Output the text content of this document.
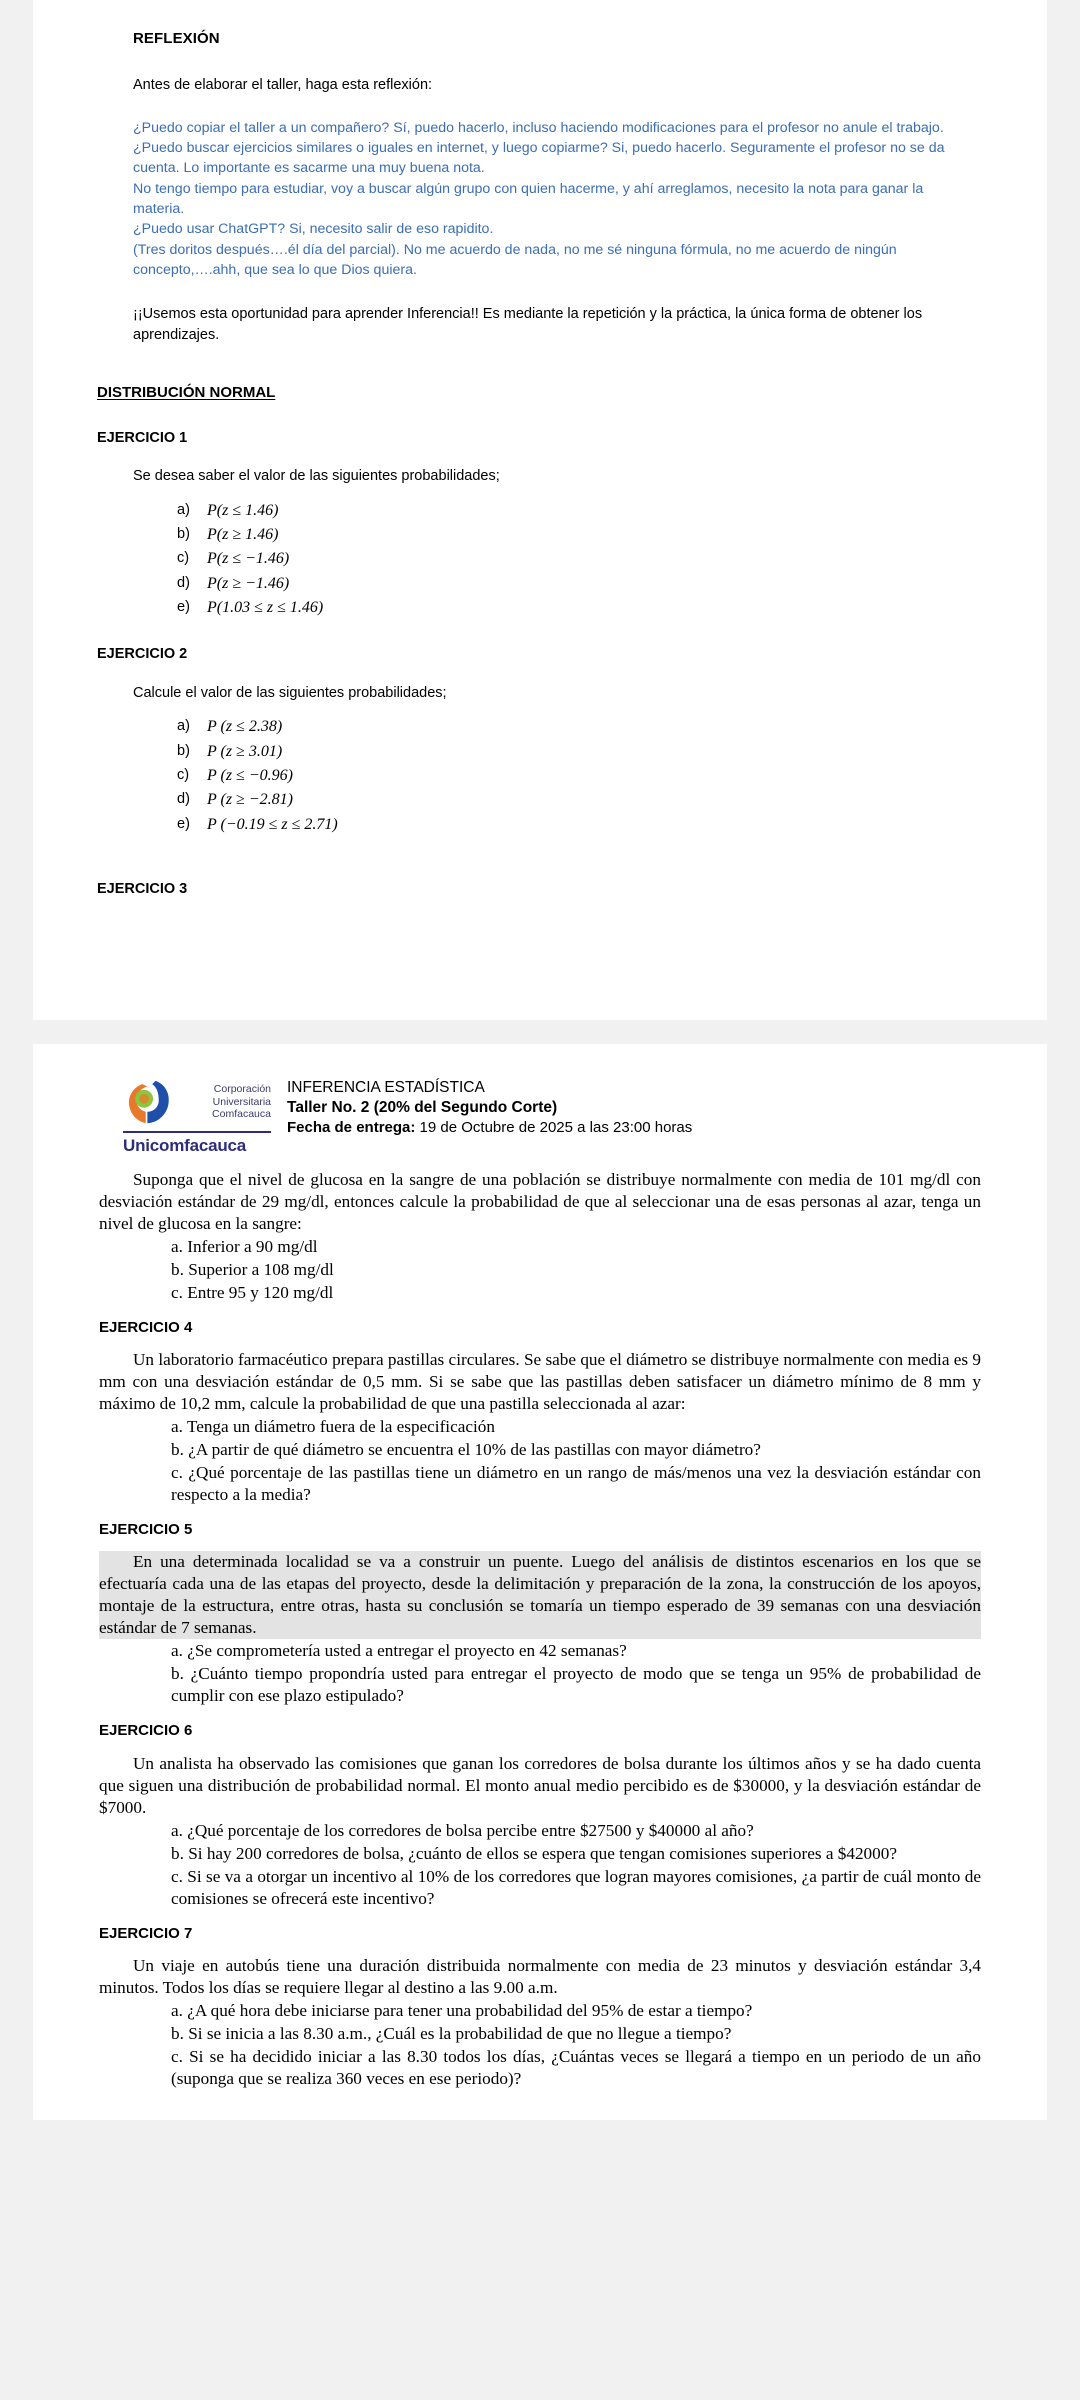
REFLEXIÓN

Antes de elaborar el taller, haga esta reflexión:

¿Puedo copiar el taller a un compañero? Sí, puedo hacerlo, incluso haciendo modificaciones para el profesor no anule el trabajo.

¿Puedo buscar ejercicios similares o iguales en internet, y luego copiarme? Si, puedo hacerlo. Seguramente el profesor no se da cuenta. Lo importante es sacarme una muy buena nota.

No tengo tiempo para estudiar, voy a buscar algún grupo con quien hacerme, y ahí arreglamos, necesito la nota para ganar la materia.

¿Puedo usar ChatGPT? Si, necesito salir de eso rapidito.

(Tres doritos después….él día del parcial). No me acuerdo de nada, no me sé ninguna fórmula, no me acuerdo de ningún concepto,….ahh, que sea lo que Dios quiera.

¡¡Usemos esta oportunidad para aprender Inferencia!! Es mediante la repetición y la práctica, la única forma de obtener los aprendizajes.

DISTRIBUCIÓN NORMAL
EJERCICIO 1

Se desea saber el valor de las siguientes probabilidades;

a)	P(z ≤ 1.46)
b)	P(z ≥ 1.46)
c)	P(z ≤ −1.46)
d)	P(z ≥ −1.46)
e)	P(1.03 ≤ z ≤ 1.46)
EJERCICIO 2

Calcule el valor de las siguientes probabilidades;

a)	P (z ≤ 2.38)
b)	P (z ≥ 3.01)
c)	P (z ≤ −0.96)
d)	P (z ≥ −2.81)
e)	P (−0.19 ≤ z ≤ 2.71)
EJERCICIO 3
Corporación
Universitaria
Comfacauca
Unicomfacauca
INFERENCIA ESTADÍSTICA
Taller No. 2 (20% del Segundo Corte)
Fecha de entrega: 19 de Octubre de 2025 a las 23:00 horas

Suponga que el nivel de glucosa en la sangre de una población se distribuye normalmente con media de 101 mg/dl con desviación estándar de 29 mg/dl, entonces calcule la probabilidad de que al seleccionar una de esas personas al azar, tenga un nivel de glucosa en la sangre:

a. Inferior a 90 mg/dl
b. Superior a 108 mg/dl
c. Entre 95 y 120 mg/dl
EJERCICIO 4

Un laboratorio farmacéutico prepara pastillas circulares. Se sabe que el diámetro se distribuye normalmente con media es 9 mm con una desviación estándar de 0,5 mm. Si se sabe que las pastillas deben satisfacer un diámetro mínimo de 8 mm y máximo de 10,2 mm, calcule la probabilidad de que una pastilla seleccionada al azar:

a. Tenga un diámetro fuera de la especificación
b. ¿A partir de qué diámetro se encuentra el 10% de las pastillas con mayor diámetro?
c. ¿Qué porcentaje de las pastillas tiene un diámetro en un rango de más/menos una vez la desviación estándar con respecto a la media?
EJERCICIO 5

En una determinada localidad se va a construir un puente. Luego del análisis de distintos escenarios en los que se efectuaría cada una de las etapas del proyecto, desde la delimitación y preparación de la zona, la construcción de los apoyos, montaje de la estructura, entre otras, hasta su conclusión se tomaría un tiempo esperado de 39 semanas con una desviación estándar de 7 semanas.

a. ¿Se comprometería usted a entregar el proyecto en 42 semanas?
b. ¿Cuánto tiempo propondría usted para entregar el proyecto de modo que se tenga un 95% de probabilidad de cumplir con ese plazo estipulado?
EJERCICIO 6

Un analista ha observado las comisiones que ganan los corredores de bolsa durante los últimos años y se ha dado cuenta que siguen una distribución de probabilidad normal. El monto anual medio percibido es de $30000, y la desviación estándar de $7000.

a. ¿Qué porcentaje de los corredores de bolsa percibe entre $27500 y $40000 al año?
b. Si hay 200 corredores de bolsa, ¿cuánto de ellos se espera que tengan comisiones superiores a $42000?
c. Si se va a otorgar un incentivo al 10% de los corredores que logran mayores comisiones, ¿a partir de cuál monto de comisiones se ofrecerá este incentivo?
EJERCICIO 7

Un viaje en autobús tiene una duración distribuida normalmente con media de 23 minutos y desviación estándar 3,4 minutos. Todos los días se requiere llegar al destino a las 9.00 a.m.

a. ¿A qué hora debe iniciarse para tener una probabilidad del 95% de estar a tiempo?
b. Si se inicia a las 8.30 a.m., ¿Cuál es la probabilidad de que no llegue a tiempo?
c. Si se ha decidido iniciar a las 8.30 todos los días, ¿Cuántas veces se llegará a tiempo en un periodo de un año (suponga que se realiza 360 veces en ese periodo)?
